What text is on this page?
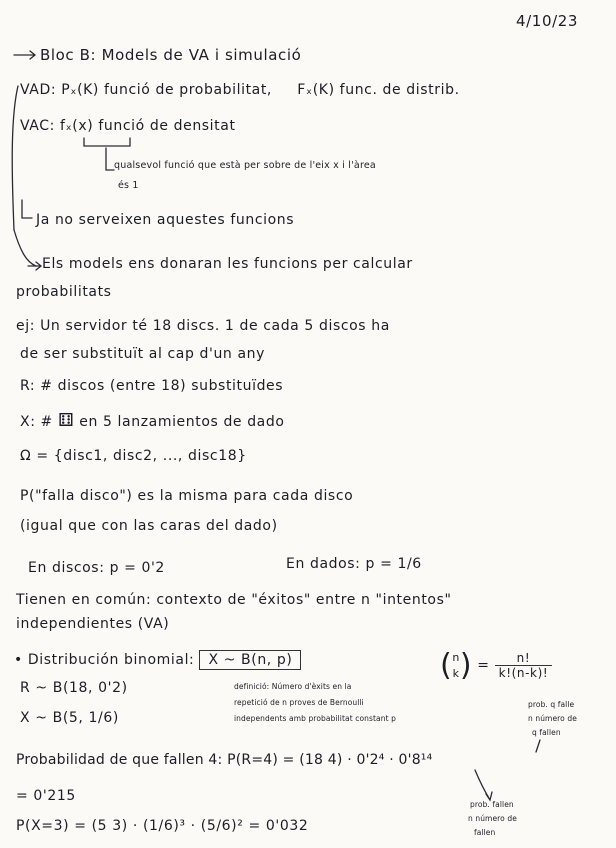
4/10/23
Bloc B: Models de VA i simulació
VAD: Pₓ(K) funció de probabilitat, Fₓ(K) func. de distrib.
VAC: fₓ(x) funció de densitat
qualsevol funció que està per sobre de l'eix x i l'àrea
és 1
Ja no serveixen aquestes funcions
Els models ens donaran les funcions per calcular
probabilitats
ej: Un servidor té 18 discs. 1 de cada 5 discos ha
de ser substituït al cap d'un any
R: # discos (entre 18) substituïdes
X: # ⚅ en 5 lanzamientos de dado
Ω = {disc1, disc2, ..., disc18}
P("falla disco") es la misma para cada disco
(igual que con las caras del dado)
En discos: p = 0'2	En dados: p = 1/6
Tienen en común: contexto de "éxitos" entre n "intentos"
independientes (VA)
• Distribución binomial: X ~ B(n, p)	( n
k ) = $\frac{n!}{k!(n-k)!}$
R ~ B(18, 0'2)
X ~ B(5, 1/6)
definició: Número d'èxits en la
repetició de n proves de Bernoulli
independents amb probabilitat constant p
prob. q falle
n número de
q fallen
Probabilidad de que fallen 4: P(R=4) = (18 4) · 0'2⁴ · 0'8¹⁴
= 0'215
prob. fallen
n número de
fallen
P(X=3) = (5 3) · (1/6)³ · (5/6)² = 0'032
